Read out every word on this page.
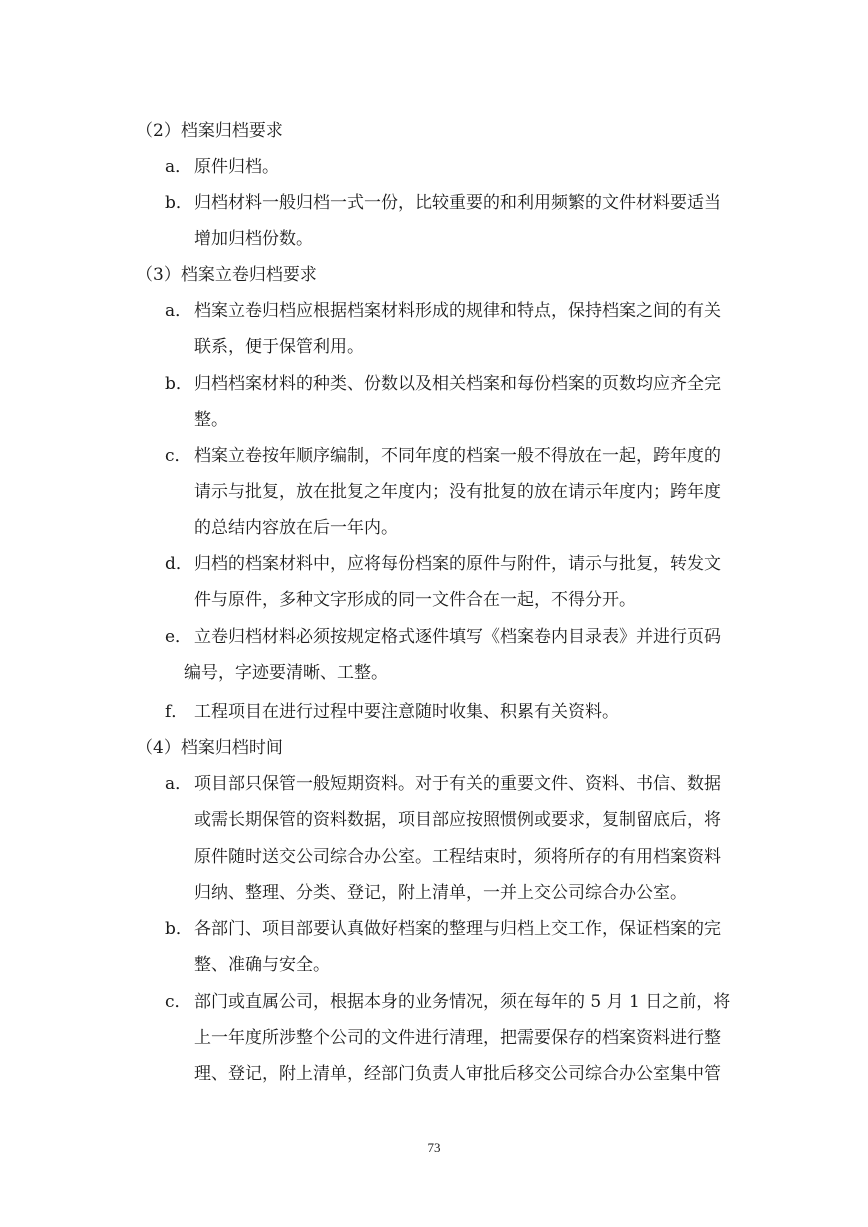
（2）档案归档要求
a． 原件归档。
b． 归档材料一般归档一式一份，比较重要的和利用频繁的文件材料要适当
增加归档份数。
（3）档案立卷归档要求
a． 档案立卷归档应根据档案材料形成的规律和特点，保持档案之间的有关
联系，便于保管利用。
b． 归档档案材料的种类、份数以及相关档案和每份档案的页数均应齐全完
整。
c． 档案立卷按年顺序编制，不同年度的档案一般不得放在一起，跨年度的
请示与批复，放在批复之年度内；没有批复的放在请示年度内；跨年度
的总结内容放在后一年内。
d． 归档的档案材料中，应将每份档案的原件与附件，请示与批复，转发文
件与原件，多种文字形成的同一文件合在一起，不得分开。
e． 立卷归档材料必须按规定格式逐件填写《档案卷内目录表》并进行页码
编号，字迹要清晰、工整。
f． 工程项目在进行过程中要注意随时收集、积累有关资料。
（4）档案归档时间
a． 项目部只保管一般短期资料。对于有关的重要文件、资料、书信、数据
或需长期保管的资料数据，项目部应按照惯例或要求，复制留底后，将
原件随时送交公司综合办公室。工程结束时，须将所存的有用档案资料
归纳、整理、分类、登记，附上清单，一并上交公司综合办公室。
b． 各部门、项目部要认真做好档案的整理与归档上交工作，保证档案的完
整、准确与安全。
c． 部门或直属公司，根据本身的业务情况，须在每年的 5 月 1 日之前，将
上一年度所涉整个公司的文件进行清理，把需要保存的档案资料进行整
理、登记，附上清单，经部门负责人审批后移交公司综合办公室集中管
73
